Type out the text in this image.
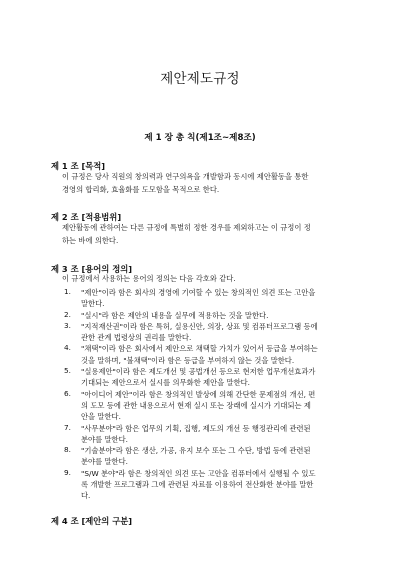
제안제도규정
제 1 장 총 칙(제1조~제8조)
제 1 조 [목적]
이 규정은 당사 직원의 창의력과 연구의욕을 개발함과 동시에 제안활동을 통한
경영의 합리화, 효율화를 도모함을 목적으로 한다.
제 2 조 [적용범위]
제안활동에 관하여는 다른 규정에 특별히 정한 경우를 제외하고는 이 규정이 정
하는 바에 의한다.
제 3 조 [용어의 정의]
이 규정에서 사용하는 용어의 정의는 다음 각호와 같다.
1.	"제안"이라 함은 회사의 경영에 기여할 수 있는 창의적인 의견 또는 고안을
말한다.
2.	"실시"라 함은 제안의 내용을 실무에 적용하는 것을 말한다.
3.	"지적재산권"이라 함은 특허, 실용신안, 의장, 상표 및 컴퓨터프로그램 등에
관한 관계 법령상의 권리를 말한다.
4.	"채택"이라 함은 회사에서 제안으로 채택할 가치가 있어서 등급을 부여하는
것을 말하며, "불채택"이라 함은 등급을 부여하지 않는 것을 말한다.
5.	"실용제안"이라 함은 제도개선 및 공법개선 등으로 현저한 업무개선효과가
기대되는 제안으로서 실시를 의무화한 제안을 말한다.
6.	"아이디어 제안"이라 함은 창의적인 발상에 의해 간단한 문제점의 개선, 편
의 도모 등에 관한 내용으로서 현재 실시 또는 장래에 실시가 기대되는 제
안을 말한다.
7.	"사무분야"라 함은 업무의 기획, 집행, 제도의 개선 등 행정관리에 관련된
분야를 말한다.
8.	"기술분야"라 함은 생산, 가공, 유지 보수 또는 그 수단, 방법 등에 관련된
분야를 말한다.
9.	"S/W 분야"라 함은 창의적인 의견 또는 고안을 컴퓨터에서 실행될 수 있도
록 개발한 프로그램과 그에 관련된 자료를 이용하여 전산화한 분야를 말한
다.
제 4 조 [제안의 구분]
